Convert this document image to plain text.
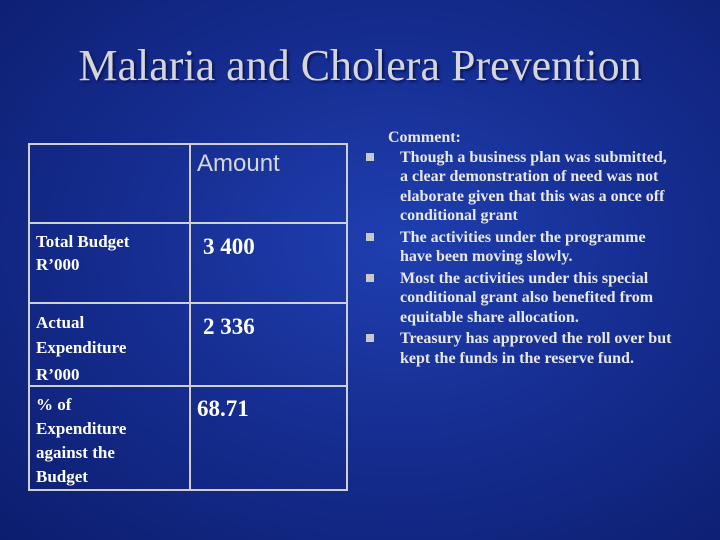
Malaria and Cholera Prevention
Amount
Total Budget
R’000
3 400
Actual
Expenditure
R’000
2 336
% of
Expenditure
against the
Budget
68.71
Comment:
Though a business plan was submitted, a clear demonstration of need was not elaborate given that this was a once off conditional grant
The activities under the programme have been moving slowly.
Most the activities under this special conditional grant also benefited from equitable share allocation.
Treasury has approved the roll over but kept the funds in the reserve fund.
